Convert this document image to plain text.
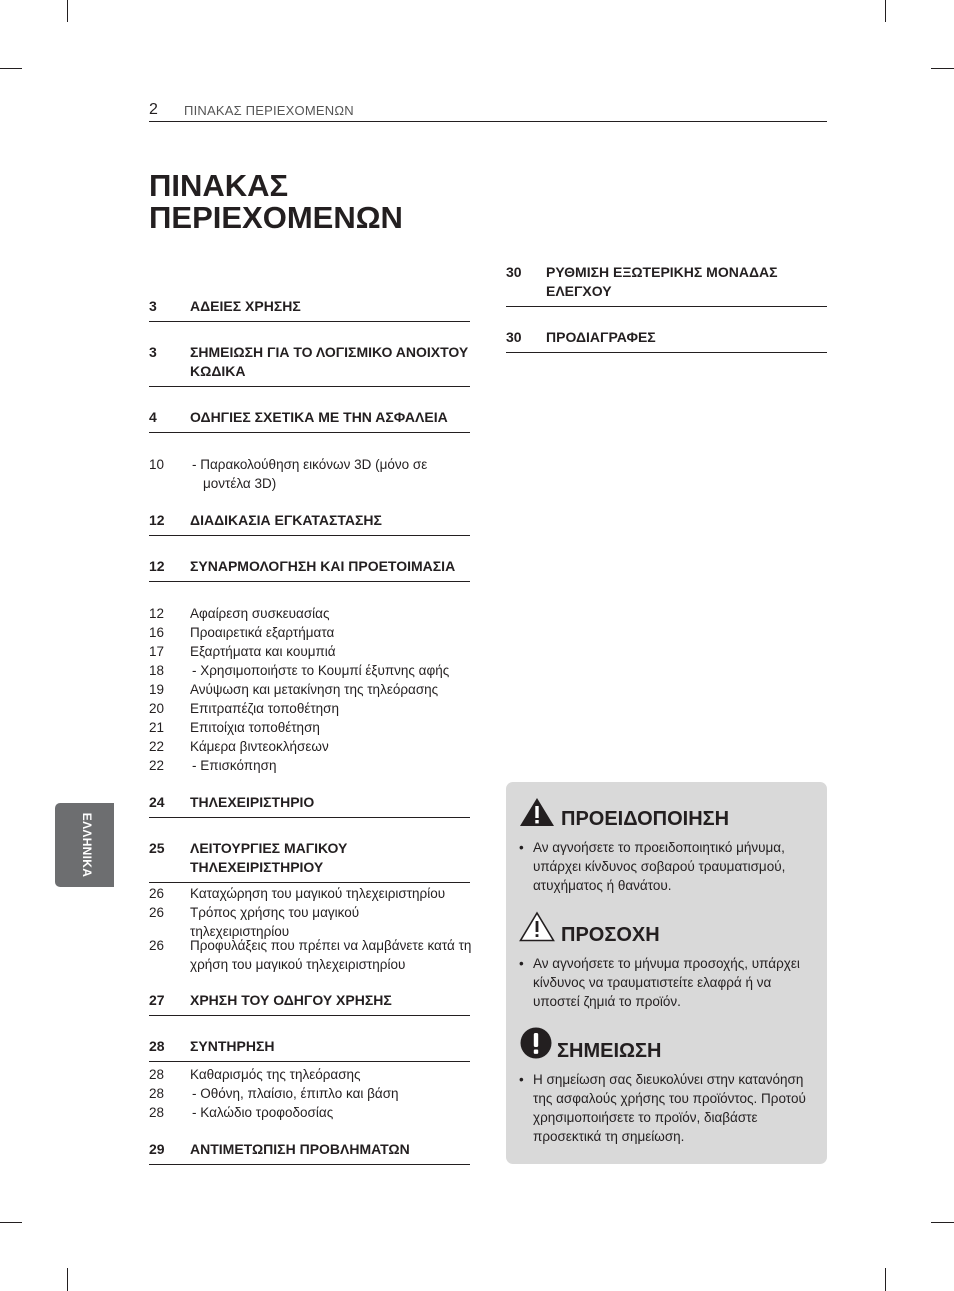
2 ΠΙΝΑΚΑΣ ΠΕΡΙΕΧΟΜΕΝΩΝ
ΠΙΝΑΚΑΣ
ΠΕΡΙΕΧΟΜΕΝΩΝ
ΕΛΛΗΝΙΚΑ
3 ΑΔΕΙΕΣ ΧΡΗΣΗΣ
3 ΣΗΜΕΙΩΣΗ ΓΙΑ ΤΟ ΛΟΓΙΣΜΙΚΟ ΑΝΟΙΧΤΟΥ ΚΩΔΙΚΑ
4 ΟΔΗΓΙΕΣ ΣΧΕΤΙΚΑ ΜΕ ΤΗΝ ΑΣΦΑΛΕΙΑ
10 - Παρακολούθηση εικόνων 3D (μόνο σε μοντέλα 3D)
12 ΔΙΑΔΙΚΑΣΙΑ ΕΓΚΑΤΑΣΤΑΣΗΣ
12 ΣΥΝΑΡΜΟΛΟΓΗΣΗ ΚΑΙ ΠΡΟΕΤΟΙΜΑΣΙΑ
12 Αφαίρεση συσκευασίας
16 Προαιρετικά εξαρτήματα
17 Εξαρτήματα και κουμπιά
18 - Χρησιμοποιήστε το Κουμπί έξυπνης αφής
19 Ανύψωση και μετακίνηση της τηλεόρασης
20 Επιτραπέζια τοποθέτηση
21 Επιτοίχια τοποθέτηση
22 Κάμερα βιντεοκλήσεων
22 - Επισκόπηση
24 ΤΗΛΕΧΕΙΡΙΣΤΗΡΙΟ
25 ΛΕΙΤΟΥΡΓΙΕΣ ΜΑΓΙΚΟΥ ΤΗΛΕΧΕΙΡΙΣΤΗΡΙΟΥ
26 Καταχώρηση του μαγικού τηλεχειριστηρίου
26 Τρόπος χρήσης του μαγικού τηλεχειριστηρίου
26 Προφυλάξεις που πρέπει να λαμβάνετε κατά τη χρήση του μαγικού τηλεχειριστηρίου
27 ΧΡΗΣΗ ΤΟΥ ΟΔΗΓΟΥ ΧΡΗΣΗΣ
28 ΣΥΝΤΗΡΗΣΗ
28 Καθαρισμός της τηλεόρασης
28 - Οθόνη, πλαίσιο, έπιπλο και βάση
28 - Καλώδιο τροφοδοσίας
29 ΑΝΤΙΜΕΤΩΠΙΣΗ ΠΡΟΒΛΗΜΑΤΩΝ
30 ΡΥΘΜΙΣΗ ΕΞΩΤΕΡΙΚΗΣ ΜΟΝΑΔΑΣ ΕΛΕΓΧΟΥ
30 ΠΡΟΔΙΑΓΡΑΦΕΣ
ΠΡΟΕΙΔΟΠΟΙΗΣΗ
• Αν αγνοήσετε το προειδοποιητικό μήνυμα, υπάρχει κίνδυνος σοβαρού τραυματισμού, ατυχήματος ή θανάτου.
ΠΡΟΣΟΧΗ
• Αν αγνοήσετε το μήνυμα προσοχής, υπάρχει κίνδυνος να τραυματιστείτε ελαφρά ή να υποστεί ζημιά το προϊόν.
ΣΗΜΕΙΩΣΗ
• Η σημείωση σας διευκολύνει στην κατανόηση της ασφαλούς χρήσης του προϊόντος. Προτού χρησιμοποιήσετε το προϊόν, διαβάστε προσεκτικά τη σημείωση.
